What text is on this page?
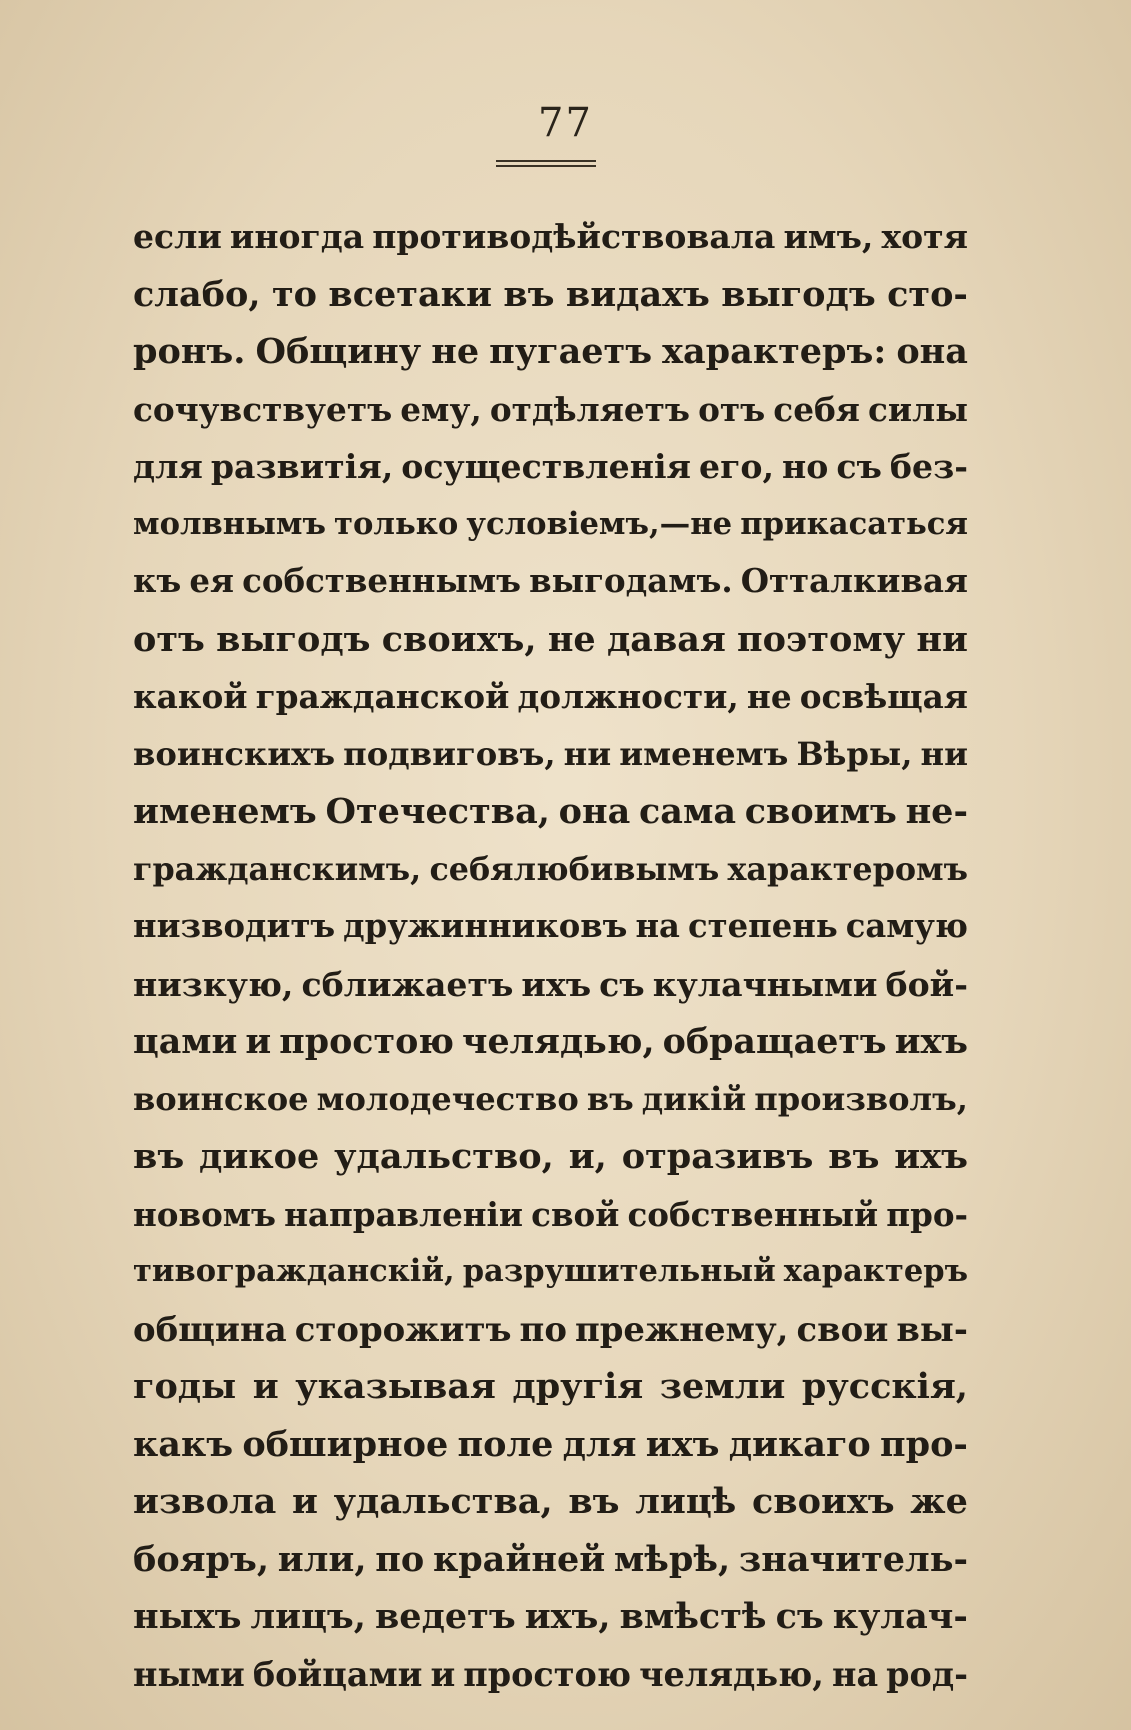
77
если иногда противодѣйствовала имъ, хотя
слабо, то всетаки въ видахъ выгодъ сто-
ронъ. Общину не пугаетъ характеръ: она
сочувствуетъ ему, отдѣляетъ отъ себя силы
для развитія, осуществленія его, но съ без-
молвнымъ только условіемъ,—не прикасаться
къ ея собственнымъ выгодамъ. Отталкивая
отъ выгодъ своихъ, не давая поэтому ни
какой гражданской должности, не освѣщая
воинскихъ подвиговъ, ни именемъ Вѣры, ни
именемъ Отечества, она сама своимъ не-
гражданскимъ, себялюбивымъ характеромъ
низводитъ дружинниковъ на степень самую
низкую, сближаетъ ихъ съ кулачными бой-
цами и простою челядью, обращаетъ ихъ
воинское молодечество въ дикій произволъ,
въ дикое удальство, и, отразивъ въ ихъ
новомъ направленіи свой собственный про-
тивогражданскій, разрушительный характеръ
община сторожитъ по прежнему, свои вы-
годы и указывая другія земли русскія,
какъ обширное поле для ихъ дикаго про-
извола и удальства, въ лицѣ своихъ же
бояръ, или, по крайней мѣрѣ, значитель-
ныхъ лицъ, ведетъ ихъ, вмѣстѣ съ кулач-
ными бойцами и простою челядью, на род-
